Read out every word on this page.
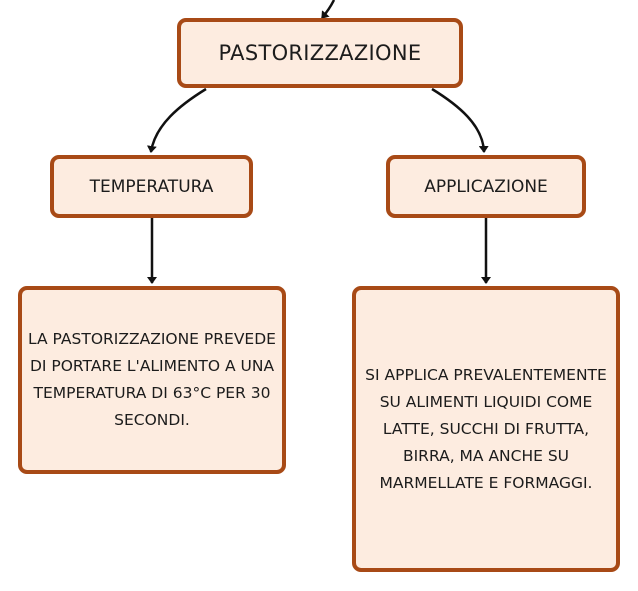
PASTORIZZAZIONE
TEMPERATURA	APPLICAZIONE
LA PASTORIZZAZIONE PREVEDE DI PORTARE L'ALIMENTO A UNA TEMPERATURA DI 63°C PER 30 SECONDI.
SI APPLICA PREVALENTEMENTE SU ALIMENTI LIQUIDI COME LATTE, SUCCHI DI FRUTTA, BIRRA, MA ANCHE SU MARMELLATE E FORMAGGI.
